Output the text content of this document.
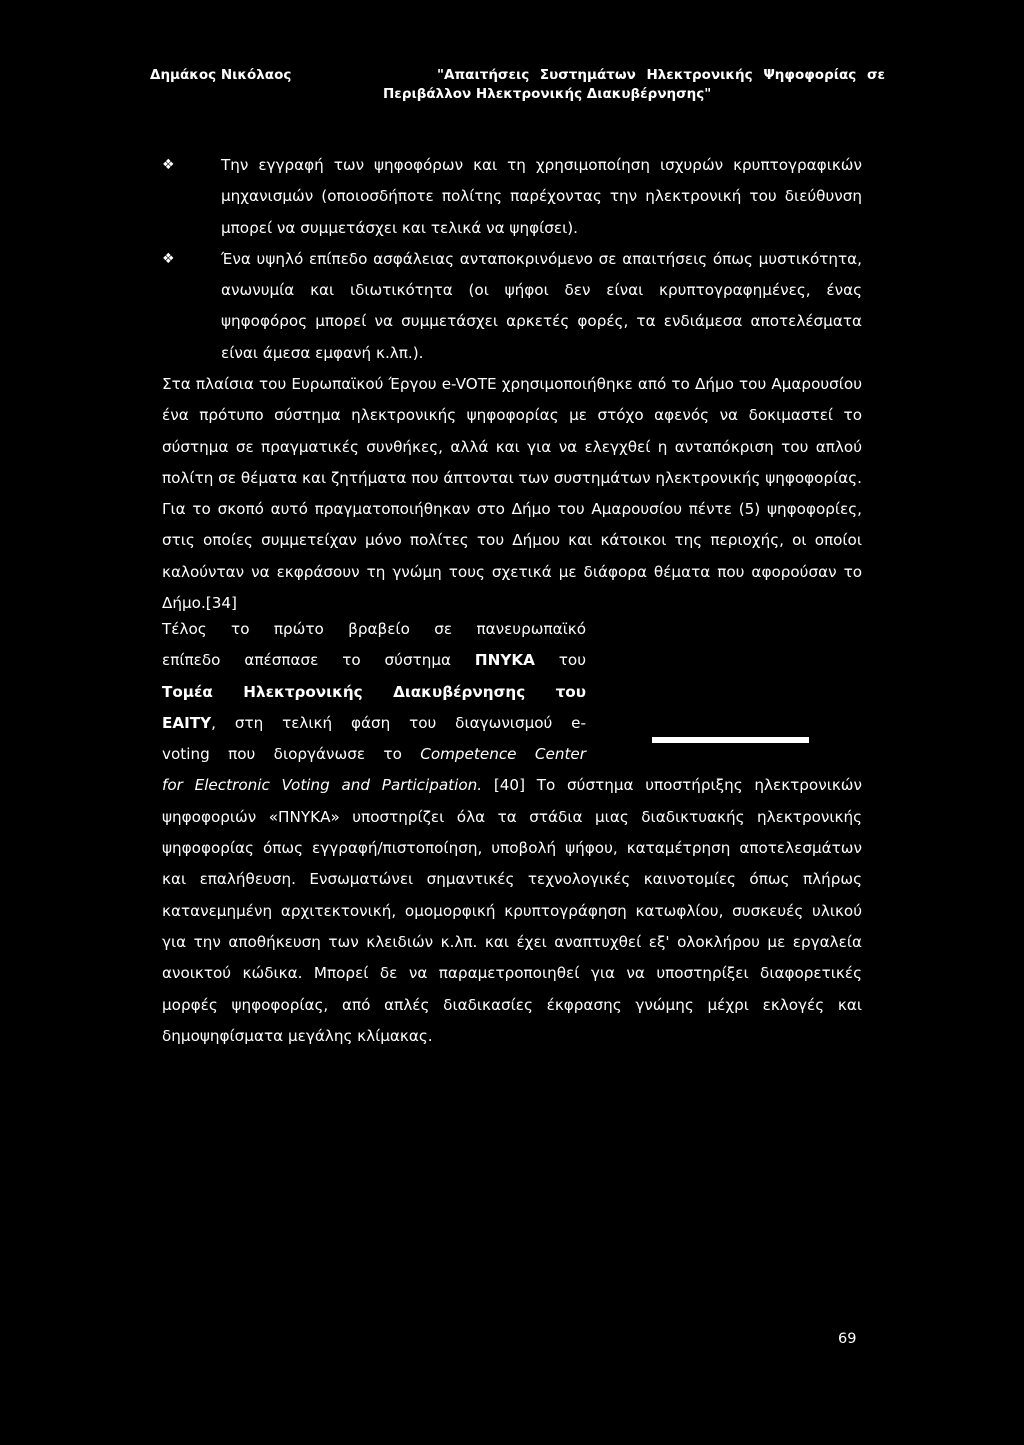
Δημάκος Νικόλαος	"Απαιτήσεις Συστημάτων Ηλεκτρονικής Ψηφοφορίας σε
Περιβάλλον Ηλεκτρονικής Διακυβέρνησης"
❖	Την εγγραφή των ψηφοφόρων και τη χρησιμοποίηση ισχυρών κρυπτογραφικών μηχανισμών (οποιοσδήποτε πολίτης παρέχοντας την ηλεκτρονική του διεύθυνση μπορεί να συμμετάσχει και τελικά να ψηφίσει).
❖	Ένα υψηλό επίπεδο ασφάλειας ανταποκρινόμενο σε απαιτήσεις όπως μυστικότητα, ανωνυμία και ιδιωτικότητα (οι ψήφοι δεν είναι κρυπτογραφημένες, ένας ψηφοφόρος μπορεί να συμμετάσχει αρκετές φορές, τα ενδιάμεσα αποτελέσματα είναι άμεσα εμφανή κ.λπ.).
Στα πλαίσια του Ευρωπαϊκού Έργου e-VOTE χρησιμοποιήθηκε από το Δήμο του Αμαρουσίου ένα πρότυπο σύστημα ηλεκτρονικής ψηφοφορίας με στόχο αφενός να δοκιμαστεί το σύστημα σε πραγματικές συνθήκες, αλλά και για να ελεγχθεί η ανταπόκριση του απλού πολίτη σε θέματα και ζητήματα που άπτονται των συστημάτων ηλεκτρονικής ψηφοφορίας. Για το σκοπό αυτό πραγματοποιήθηκαν στο Δήμο του Αμαρουσίου πέντε (5) ψηφοφορίες, στις οποίες συμμετείχαν μόνο πολίτες του Δήμου και κάτοικοι της περιοχής, οι οποίοι καλούνταν να εκφράσουν τη γνώμη τους σχετικά με διάφορα θέματα που αφορούσαν το Δήμο.[34]
Τέλος το πρώτο βραβείο σε πανευρωπαϊκό
επίπεδο απέσπασε το σύστημα ΠΝΥΚΑ του
Τομέα Ηλεκτρονικής Διακυβέρνησης του
ΕΑΙΤΥ, στη τελική φάση του διαγωνισμού e-
voting που διοργάνωσε το Competence Center
for Electronic Voting and Participation. [40] Το σύστημα υποστήριξης ηλεκτρονικών ψηφοφοριών «ΠΝΥΚΑ» υποστηρίζει όλα τα στάδια μιας διαδικτυακής ηλεκτρονικής ψηφοφορίας όπως εγγραφή/πιστοποίηση, υποβολή ψήφου, καταμέτρηση αποτελεσμάτων και επαλήθευση. Ενσωματώνει σημαντικές τεχνολογικές καινοτομίες όπως πλήρως κατανεμημένη αρχιτεκτονική, ομομορφική κρυπτογράφηση κατωφλίου, συσκευές υλικού για την αποθήκευση των κλειδιών κ.λπ. και έχει αναπτυχθεί εξ' ολοκλήρου με εργαλεία ανοικτού κώδικα. Μπορεί δε να παραμετροποιηθεί για να υποστηρίξει διαφορετικές μορφές ψηφοφορίας, από απλές διαδικασίες έκφρασης γνώμης μέχρι εκλογές και δημοψηφίσματα μεγάλης κλίμακας.
69
